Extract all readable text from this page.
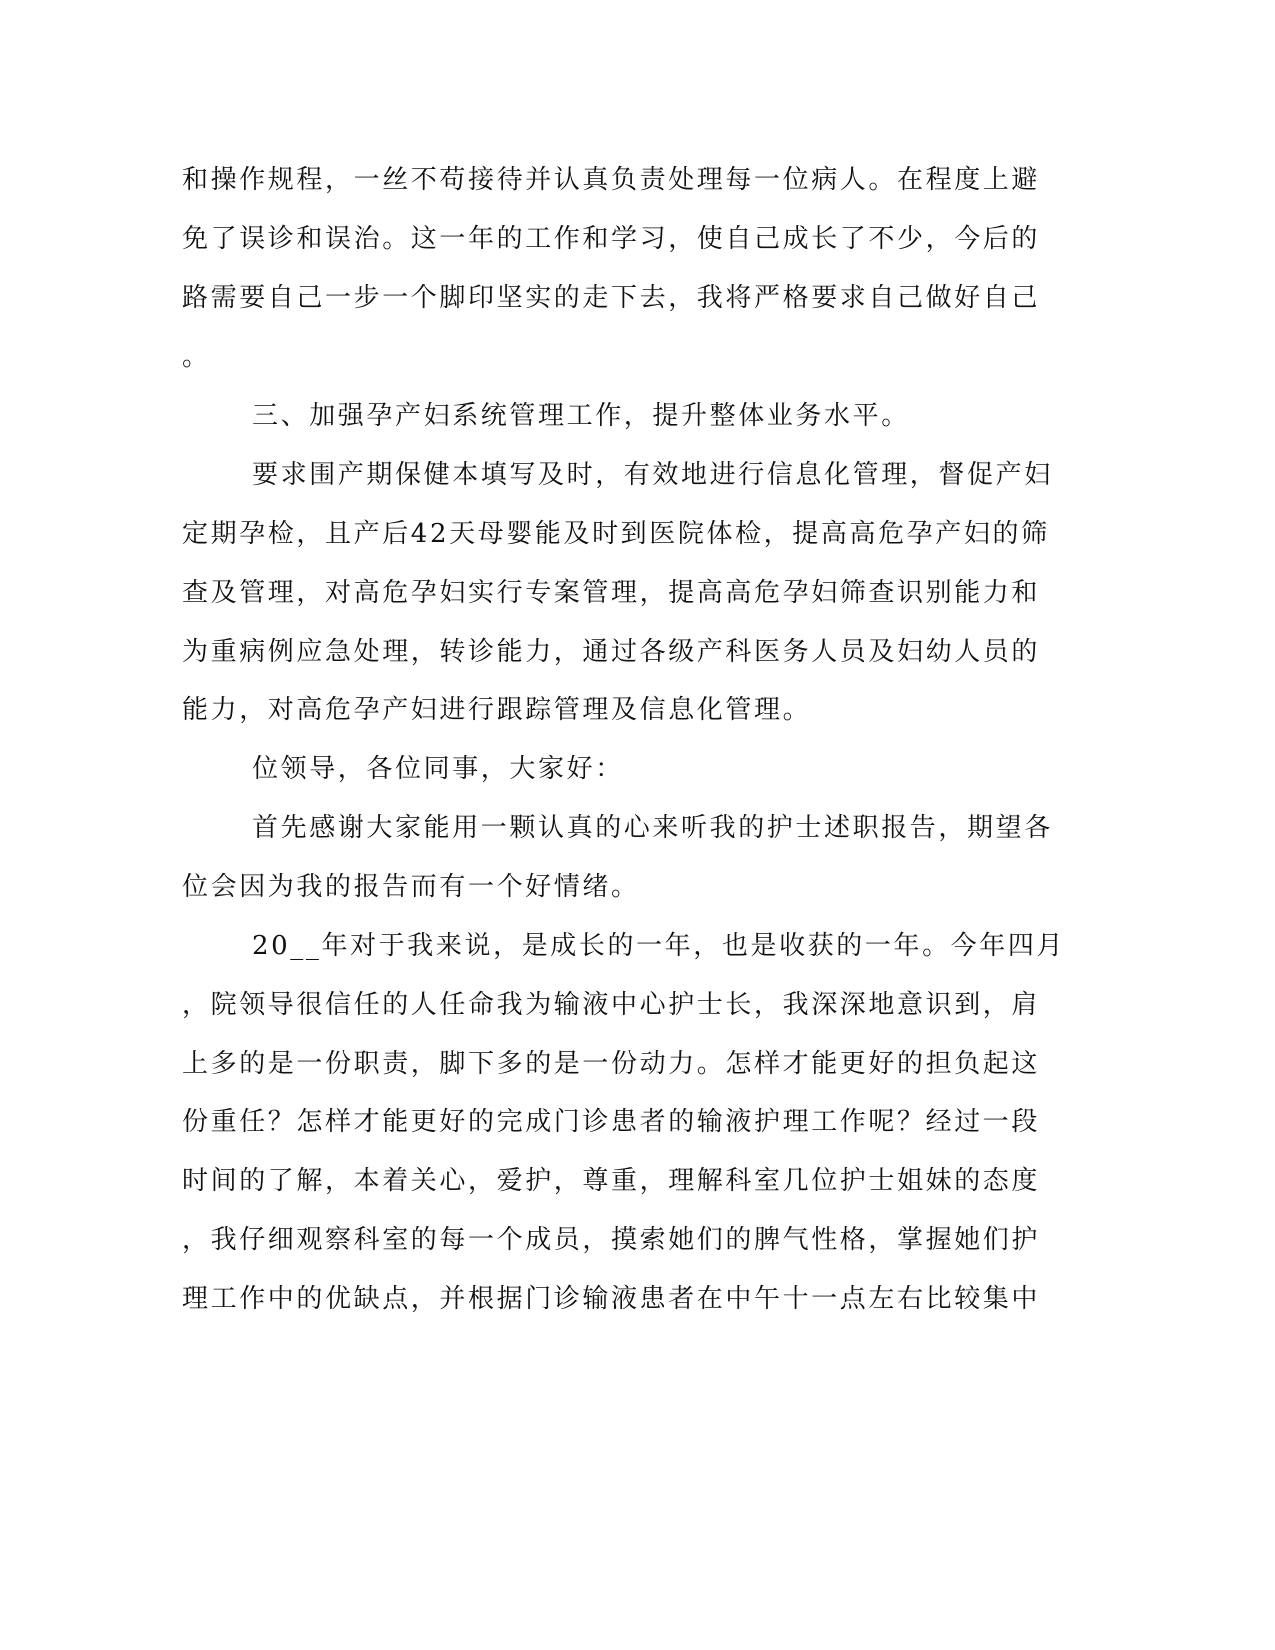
和操作规程，一丝不苟接待并认真负责处理每一位病人。在程度上避

免了误诊和误治。这一年的工作和学习，使自己成长了不少，今后的

路需要自己一步一个脚印坚实的走下去，我将严格要求自己做好自己

。

三、加强孕产妇系统管理工作，提升整体业务水平。

要求围产期保健本填写及时，有效地进行信息化管理，督促产妇

定期孕检，且产后42天母婴能及时到医院体检，提高高危孕产妇的筛

查及管理，对高危孕妇实行专案管理，提高高危孕妇筛查识别能力和

为重病例应急处理，转诊能力，通过各级产科医务人员及妇幼人员的

能力，对高危孕产妇进行跟踪管理及信息化管理。

位领导，各位同事，大家好：

首先感谢大家能用一颗认真的心来听我的护士述职报告，期望各

位会因为我的报告而有一个好情绪。

20__年对于我来说，是成长的一年，也是收获的一年。今年四月

，院领导很信任的人任命我为输液中心护士长，我深深地意识到，肩

上多的是一份职责，脚下多的是一份动力。怎样才能更好的担负起这

份重任？怎样才能更好的完成门诊患者的输液护理工作呢？经过一段

时间的了解，本着关心，爱护，尊重，理解科室几位护士姐妹的态度

，我仔细观察科室的每一个成员，摸索她们的脾气性格，掌握她们护

理工作中的优缺点，并根据门诊输液患者在中午十一点左右比较集中
